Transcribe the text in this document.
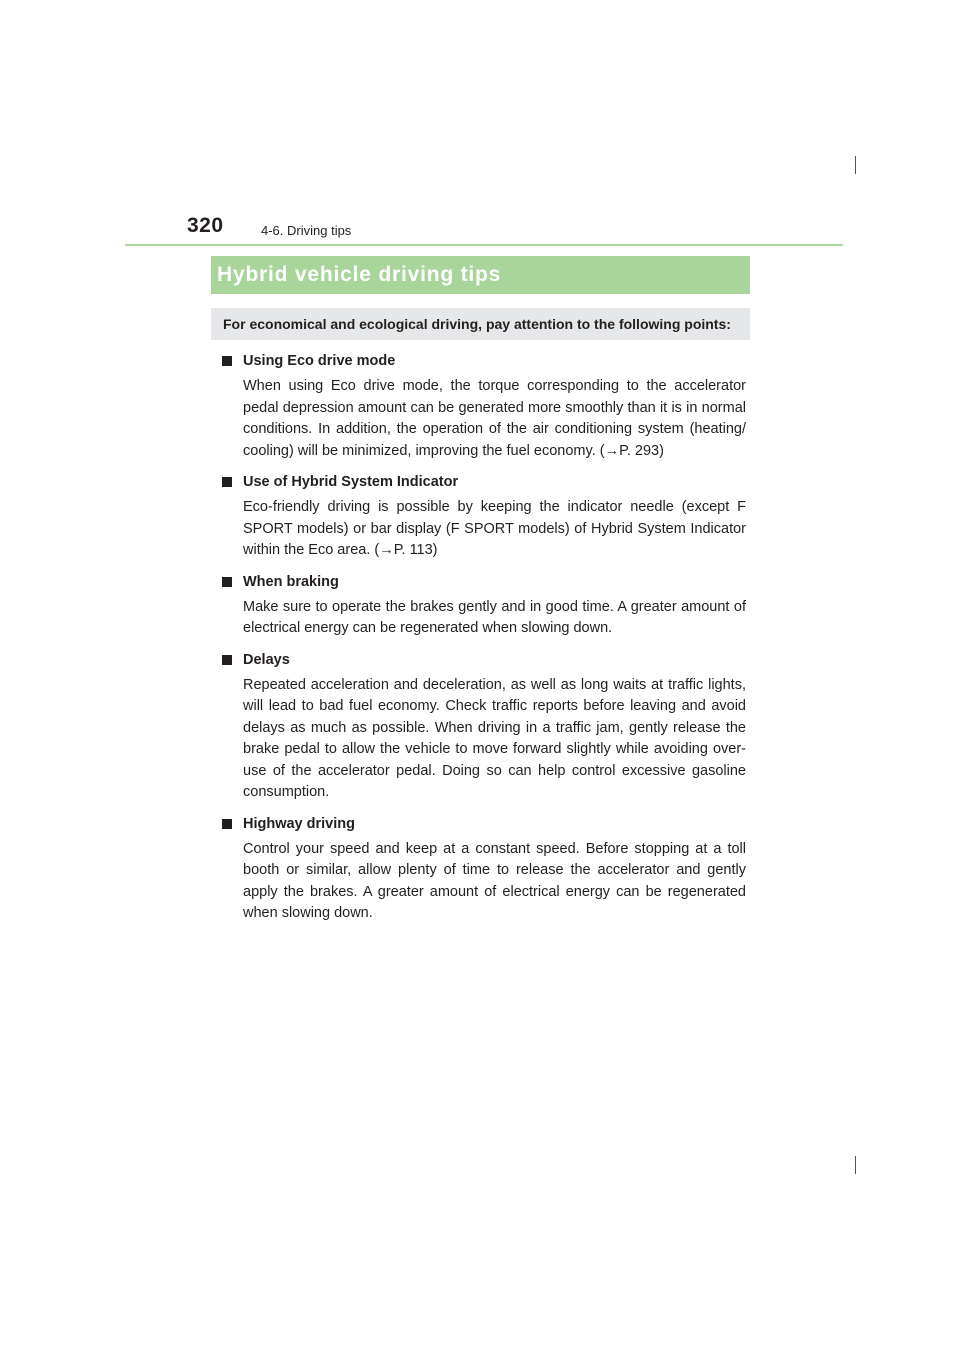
320	4-6. Driving tips
Hybrid vehicle driving tips
For economical and ecological driving, pay attention to the following points:
Using Eco drive mode
When using Eco drive mode, the torque corresponding to the accelerator pedal depression amount can be generated more smoothly than it is in normal conditions. In addition, the operation of the air conditioning system (heating/ cooling) will be minimized, improving the fuel economy. (→P. 293)
Use of Hybrid System Indicator
Eco-friendly driving is possible by keeping the indicator needle (except F SPORT models) or bar display (F SPORT models) of Hybrid System Indicator within the Eco area. (→P. 113)
When braking
Make sure to operate the brakes gently and in good time. A greater amount of electrical energy can be regenerated when slowing down.
Delays
Repeated acceleration and deceleration, as well as long waits at traffic lights, will lead to bad fuel economy. Check traffic reports before leaving and avoid delays as much as possible. When driving in a traffic jam, gently release the brake pedal to allow the vehicle to move forward slightly while avoiding over-use of the accelerator pedal. Doing so can help control excessive gasoline consumption.
Highway driving
Control your speed and keep at a constant speed. Before stopping at a toll booth or similar, allow plenty of time to release the accelerator and gently apply the brakes. A greater amount of electrical energy can be regenerated when slowing down.
